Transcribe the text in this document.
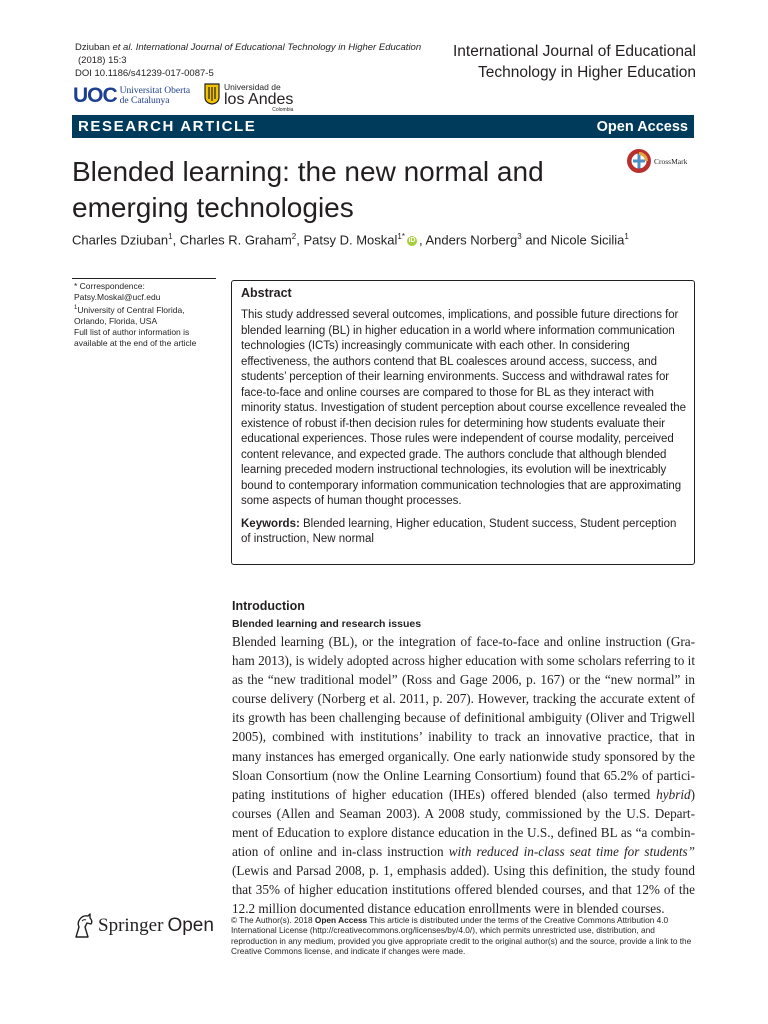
Dziuban et al. International Journal of Educational Technology in Higher Education
(2018) 15:3
DOI 10.1186/s41239-017-0087-5
International Journal of Educational
Technology in Higher Education
UOC Universitat Oberta
de Catalunya
Universidad de
los Andes
Colombia
RESEARCH ARTICLE	Open Access
CrossMark
Blended learning: the new normal and emerging technologies
Charles Dziuban$^1$, Charles R. Graham$^2$, Patsy D. Moskal$^{1*}$ iD , Anders Norberg$^3$ and Nicole Sicilia$^1$
* Correspondence:
Patsy.Moskal@ucf.edu
$^1$University of Central Florida,
Orlando, Florida, USA
Full list of author information is
available at the end of the article
Abstract
This study addressed several outcomes, implications, and possible future directions for blended learning (BL) in higher education in a world where information communication technologies (ICTs) increasingly communicate with each other. In considering effectiveness, the authors contend that BL coalesces around access, success, and students’ perception of their learning environments. Success and withdrawal rates for face-to-face and online courses are compared to those for BL as they interact with minority status. Investigation of student perception about course excellence revealed the existence of robust if-then decision rules for determining how students evaluate their educational experiences. Those rules were independent of course modality, perceived content relevance, and expected grade. The authors conclude that although blended learning preceded modern instructional technologies, its evolution will be inextricably bound to contemporary information communication technologies that are approximating some aspects of human thought processes.
Keywords: Blended learning, Higher education, Student success, Student perception of instruction, New normal
Introduction
Blended learning and research issues
Blended learning (BL), or the integration of face-to-face and online instruction (Graham 2013), is widely adopted across higher education with some scholars referring to it as the “new traditional model” (Ross and Gage 2006, p. 167) or the “new normal” in course delivery (Norberg et al. 2011, p. 207). However, tracking the accurate extent of its growth has been challenging because of definitional ambiguity (Oliver and Trigwell 2005), combined with institutions’ inability to track an innovative practice, that in many instances has emerged organically. One early nationwide study sponsored by the Sloan Consortium (now the Online Learning Consortium) found that 65.2% of participating institutions of higher education (IHEs) offered blended (also termed hybrid) courses (Allen and Seaman 2003). A 2008 study, commissioned by the U.S. Department of Education to explore distance education in the U.S., defined BL as “a combination of online and in-class instruction with reduced in-class seat time for students” (Lewis and Parsad 2008, p. 1, emphasis added). Using this definition, the study found that 35% of higher education institutions offered blended courses, and that 12% of the 12.2 million documented distance education enrollments were in blended courses.
Springer Open © The Author(s). 2018 Open Access This article is distributed under the terms of the Creative Commons Attribution 4.0 International License (http://creativecommons.org/licenses/by/4.0/), which permits unrestricted use, distribution, and reproduction in any medium, provided you give appropriate credit to the original author(s) and the source, provide a link to the Creative Commons license, and indicate if changes were made.
